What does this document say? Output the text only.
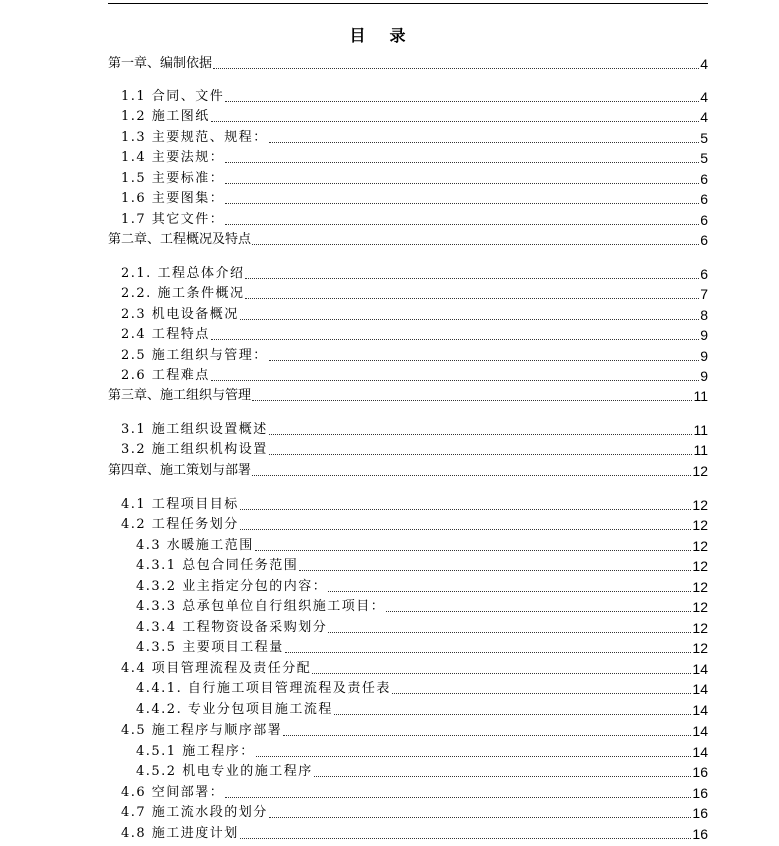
目录
第一章、编制依据	4
1.1 合同、文件	4
1.2 施工图纸	4
1.3 主要规范、规程：	5
1.4 主要法规：	5
1.5 主要标准：	6
1.6 主要图集：	6
1.7 其它文件：	6
第二章、工程概况及特点	6
2.1. 工程总体介绍	6
2.2. 施工条件概况	7
2.3 机电设备概况	8
2.4 工程特点	9
2.5 施工组织与管理：	9
2.6 工程难点	9
第三章、施工组织与管理	11
3.1 施工组织设置概述	11
3.2 施工组织机构设置	11
第四章、施工策划与部署	12
4.1 工程项目目标	12
4.2 工程任务划分	12
4.3 水暖施工范围	12
4.3.1 总包合同任务范围	12
4.3.2 业主指定分包的内容：	12
4.3.3 总承包单位自行组织施工项目：	12
4.3.4 工程物资设备采购划分	12
4.3.5 主要项目工程量	12
4.4 项目管理流程及责任分配	14
4.4.1. 自行施工项目管理流程及责任表	14
4.4.2. 专业分包项目施工流程	14
4.5 施工程序与顺序部署	14
4.5.1 施工程序：	14
4.5.2 机电专业的施工程序	16
4.6 空间部署：	16
4.7 施工流水段的划分	16
4.8 施工进度计划	16
